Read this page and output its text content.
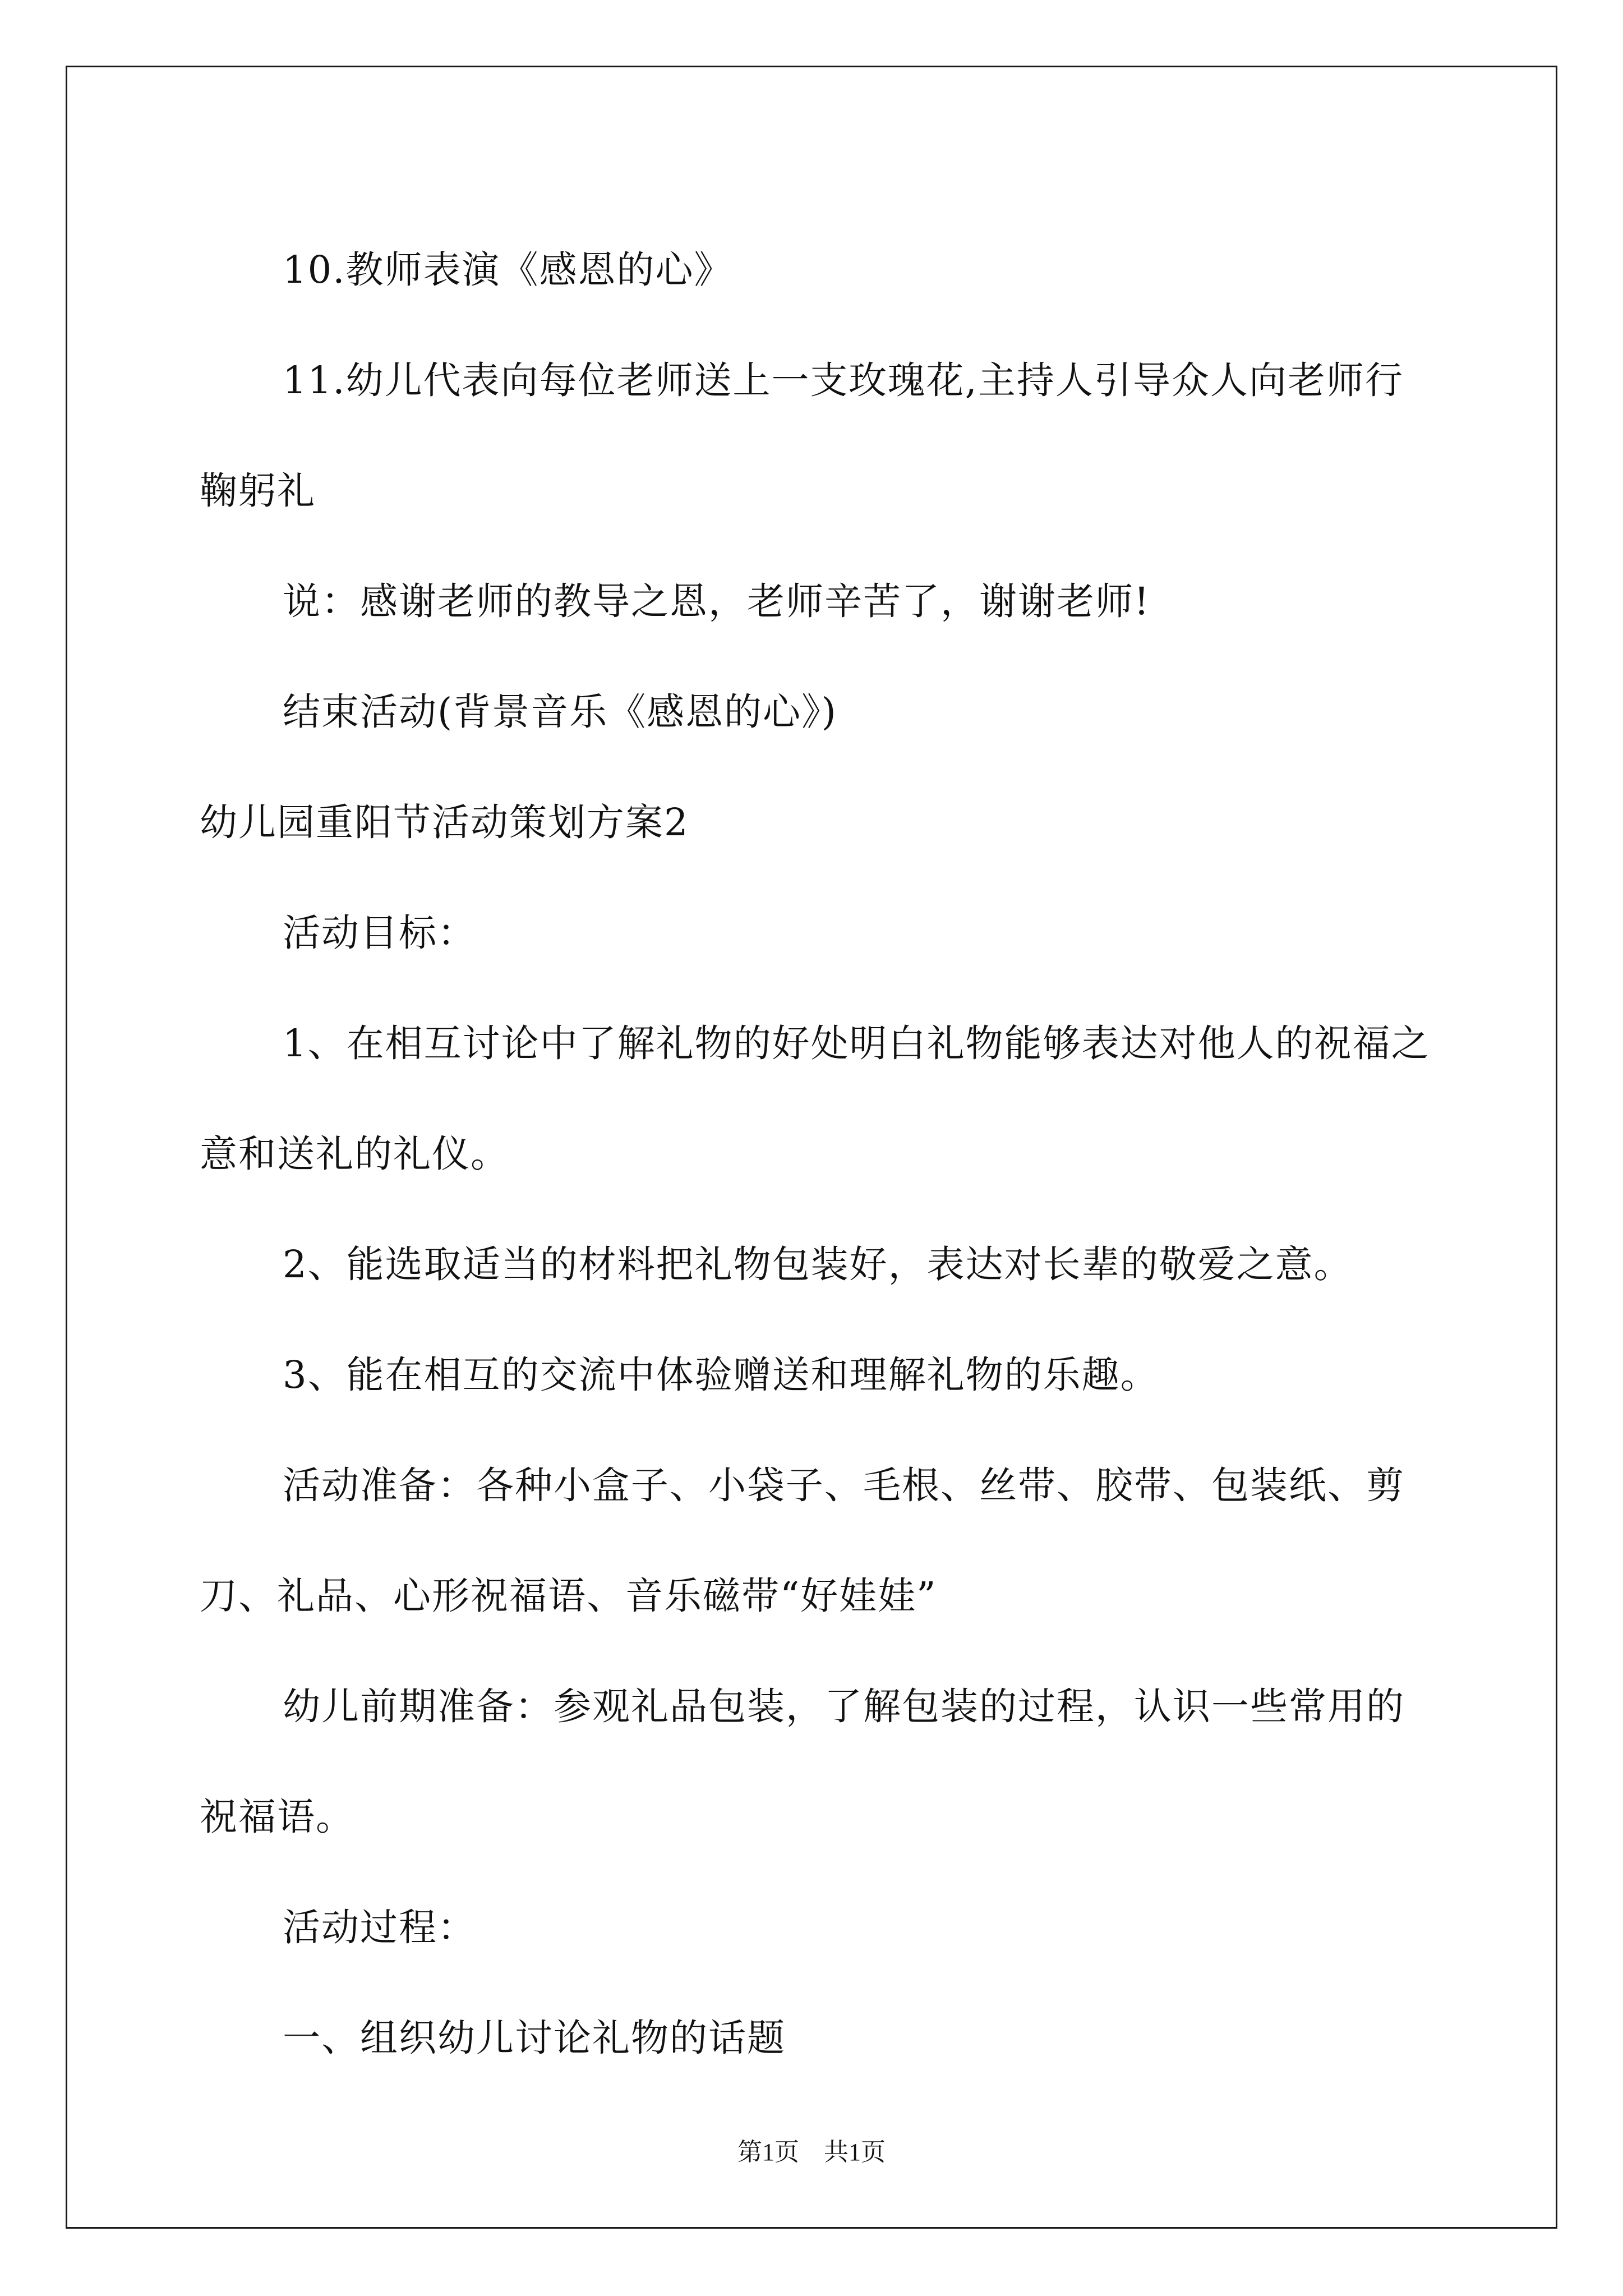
10.教师表演《感恩的心》

11.幼儿代表向每位老师送上一支玫瑰花,主持人引导众人向老师行鞠躬礼

说：感谢老师的教导之恩，老师辛苦了，谢谢老师!

结束活动(背景音乐《感恩的心》)

幼儿园重阳节活动策划方案2

活动目标：

1、在相互讨论中了解礼物的好处明白礼物能够表达对他人的祝福之意和送礼的礼仪。

2、能选取适当的材料把礼物包装好，表达对长辈的敬爱之意。

3、能在相互的交流中体验赠送和理解礼物的乐趣。

活动准备：各种小盒子、小袋子、毛根、丝带、胶带、包装纸、剪刀、礼品、心形祝福语、音乐磁带“好娃娃”

幼儿前期准备：参观礼品包装，了解包装的过程，认识一些常用的祝福语。

活动过程：

一、组织幼儿讨论礼物的话题

第1页　共1页
